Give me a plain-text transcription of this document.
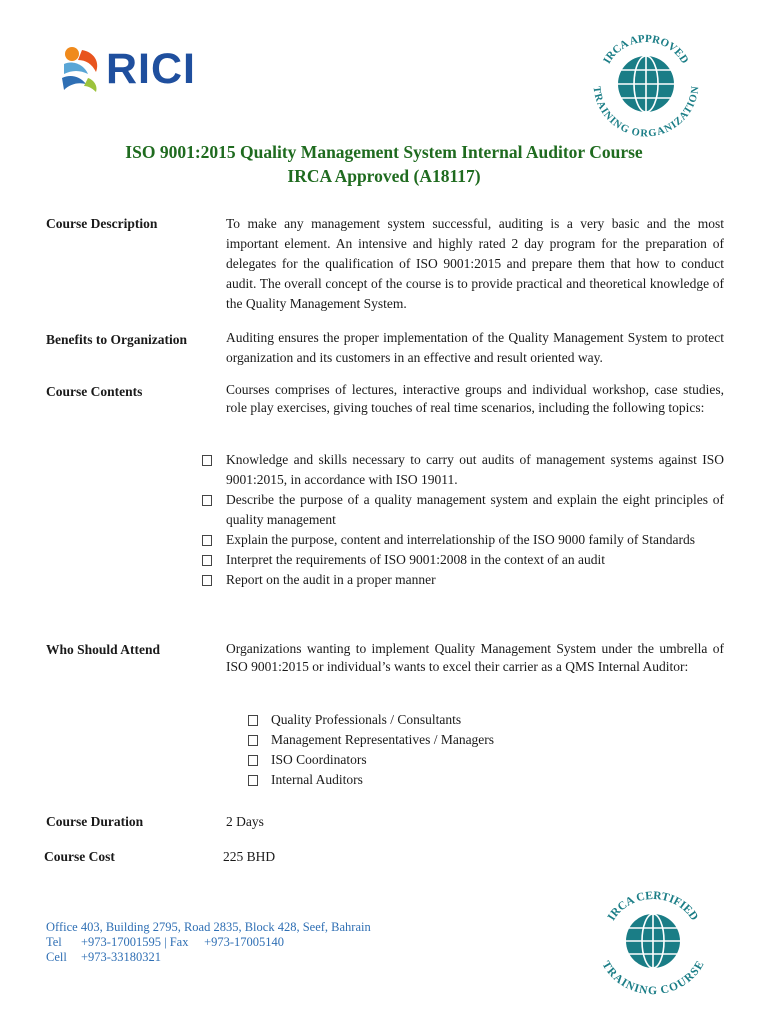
RICI	IRCA APPROVED
TRAINING ORGANIZATION
ISO 9001:2015 Quality Management System Internal Auditor Course
IRCA Approved (A18117)
Course Description	To make any management system successful, auditing is a very basic and the most important element. An intensive and highly rated 2 day program for the preparation of delegates for the qualification of ISO 9001:2015 and prepare them that how to conduct audit. The overall concept of the course is to provide practical and theoretical knowledge of the Quality Management System.
Benefits to Organization	Auditing ensures the proper implementation of the Quality Management System to protect organization and its customers in an effective and result oriented way.
Course Contents	Courses comprises of lectures, interactive groups and individual workshop, case studies, role play exercises, giving touches of real time scenarios, including the following topics:
Knowledge and skills necessary to carry out audits of management systems against ISO 9001:2015, in accordance with ISO 19011.
Describe the purpose of a quality management system and explain the eight principles of quality management
Explain the purpose, content and interrelationship of the ISO 9000 family of Standards
Interpret the requirements of ISO 9001:2008 in the context of an audit
Report on the audit in a proper manner
Who Should Attend	Organizations wanting to implement Quality Management System under the umbrella of ISO 9001:2015 or individual’s wants to excel their carrier as a QMS Internal Auditor:
Quality Professionals / Consultants
Management Representatives / Managers
ISO Coordinators
Internal Auditors
Course Duration	2 Days
Course Cost	225 BHD
Office 403, Building 2795, Road 2835, Block 428, Seef, Bahrain
Tel	+973-17001595 | Fax     +973-17005140
Cell	+973-33180321
IRCA CERTIFIED
TRAINING COURSE
